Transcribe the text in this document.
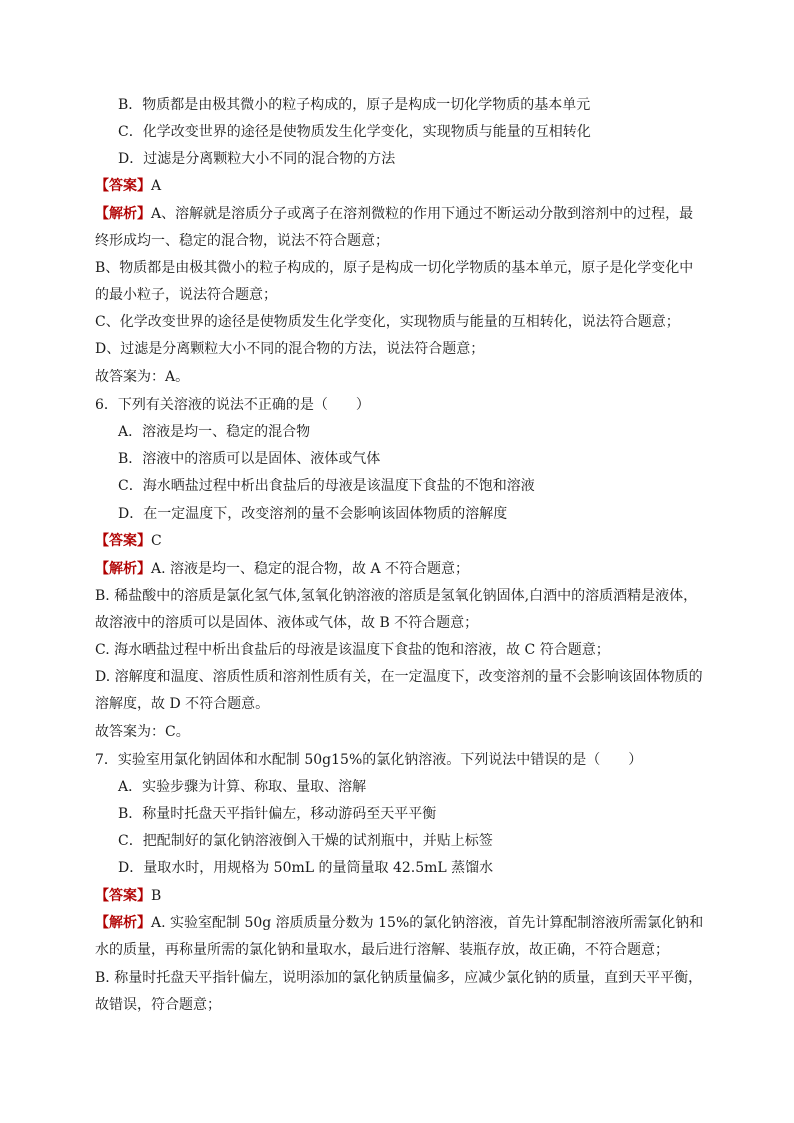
B．物质都是由极其微小的粒子构成的，原子是构成一切化学物质的基本单元
C．化学改变世界的途径是使物质发生化学变化，实现物质与能量的互相转化
D．过滤是分离颗粒大小不同的混合物的方法
【答案】A
【解析】A、溶解就是溶质分子或离子在溶剂微粒的作用下通过不断运动分散到溶剂中的过程，最
终形成均一、稳定的混合物，说法不符合题意；
B、物质都是由极其微小的粒子构成的，原子是构成一切化学物质的基本单元，原子是化学变化中
的最小粒子，说法符合题意；
C、化学改变世界的途径是使物质发生化学变化，实现物质与能量的互相转化，说法符合题意；
D、过滤是分离颗粒大小不同的混合物的方法，说法符合题意；
故答案为：A。
6．下列有关溶液的说法不正确的是（　　）
A．溶液是均一、稳定的混合物
B．溶液中的溶质可以是固体、液体或气体
C．海水晒盐过程中析出食盐后的母液是该温度下食盐的不饱和溶液
D．在一定温度下，改变溶剂的量不会影响该固体物质的溶解度
【答案】C
【解析】A. 溶液是均一、稳定的混合物，故 A 不符合题意；
B. 稀盐酸中的溶质是氯化氢气体,氢氧化钠溶液的溶质是氢氧化钠固体,白酒中的溶质酒精是液体，
故溶液中的溶质可以是固体、液体或气体，故 B 不符合题意；
C. 海水晒盐过程中析出食盐后的母液是该温度下食盐的饱和溶液，故 C 符合题意；
D. 溶解度和温度、溶质性质和溶剂性质有关，在一定温度下，改变溶剂的量不会影响该固体物质的
溶解度，故 D 不符合题意。
故答案为：C。
7．实验室用氯化钠固体和水配制 50g15%的氯化钠溶液。下列说法中错误的是（　　）
A．实验步骤为计算、称取、量取、溶解
B．称量时托盘天平指针偏左，移动游码至天平平衡
C．把配制好的氯化钠溶液倒入干燥的试剂瓶中，并贴上标签
D．量取水时，用规格为 50mL 的量筒量取 42.5mL 蒸馏水
【答案】B
【解析】A. 实验室配制 50g 溶质质量分数为 15%的氯化钠溶液，首先计算配制溶液所需氯化钠和
水的质量，再称量所需的氯化钠和量取水，最后进行溶解、装瓶存放，故正确，不符合题意；
B. 称量时托盘天平指针偏左，说明添加的氯化钠质量偏多，应减少氯化钠的质量，直到天平平衡，
故错误，符合题意；
